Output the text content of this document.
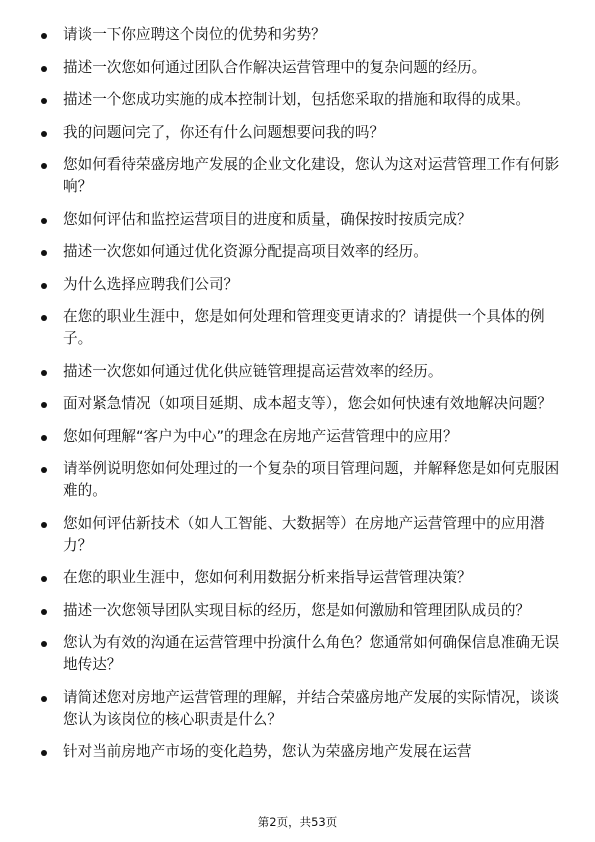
请谈一下你应聘这个岗位的优势和劣势？
描述一次您如何通过团队合作解决运营管理中的复杂问题的经历。
描述一个您成功实施的成本控制计划，包括您采取的措施和取得的成果。
我的问题问完了，你还有什么问题想要问我的吗？
您如何看待荣盛房地产发展的企业文化建设，您认为这对运营管理工作有何影响？
您如何评估和监控运营项目的进度和质量，确保按时按质完成？
描述一次您如何通过优化资源分配提高项目效率的经历。
为什么选择应聘我们公司？
在您的职业生涯中，您是如何处理和管理变更请求的？请提供一个具体的例子。
描述一次您如何通过优化供应链管理提高运营效率的经历。
面对紧急情况（如项目延期、成本超支等），您会如何快速有效地解决问题？
您如何理解“客户为中心”的理念在房地产运营管理中的应用？
请举例说明您如何处理过的一个复杂的项目管理问题，并解释您是如何克服困难的。
您如何评估新技术（如人工智能、大数据等）在房地产运营管理中的应用潜力？
在您的职业生涯中，您如何利用数据分析来指导运营管理决策？
描述一次您领导团队实现目标的经历，您是如何激励和管理团队成员的？
您认为有效的沟通在运营管理中扮演什么角色？您通常如何确保信息准确无误地传达？
请简述您对房地产运营管理的理解，并结合荣盛房地产发展的实际情况，谈谈您认为该岗位的核心职责是什么？
针对当前房地产市场的变化趋势，您认为荣盛房地产发展在运营
第2页，共53页
